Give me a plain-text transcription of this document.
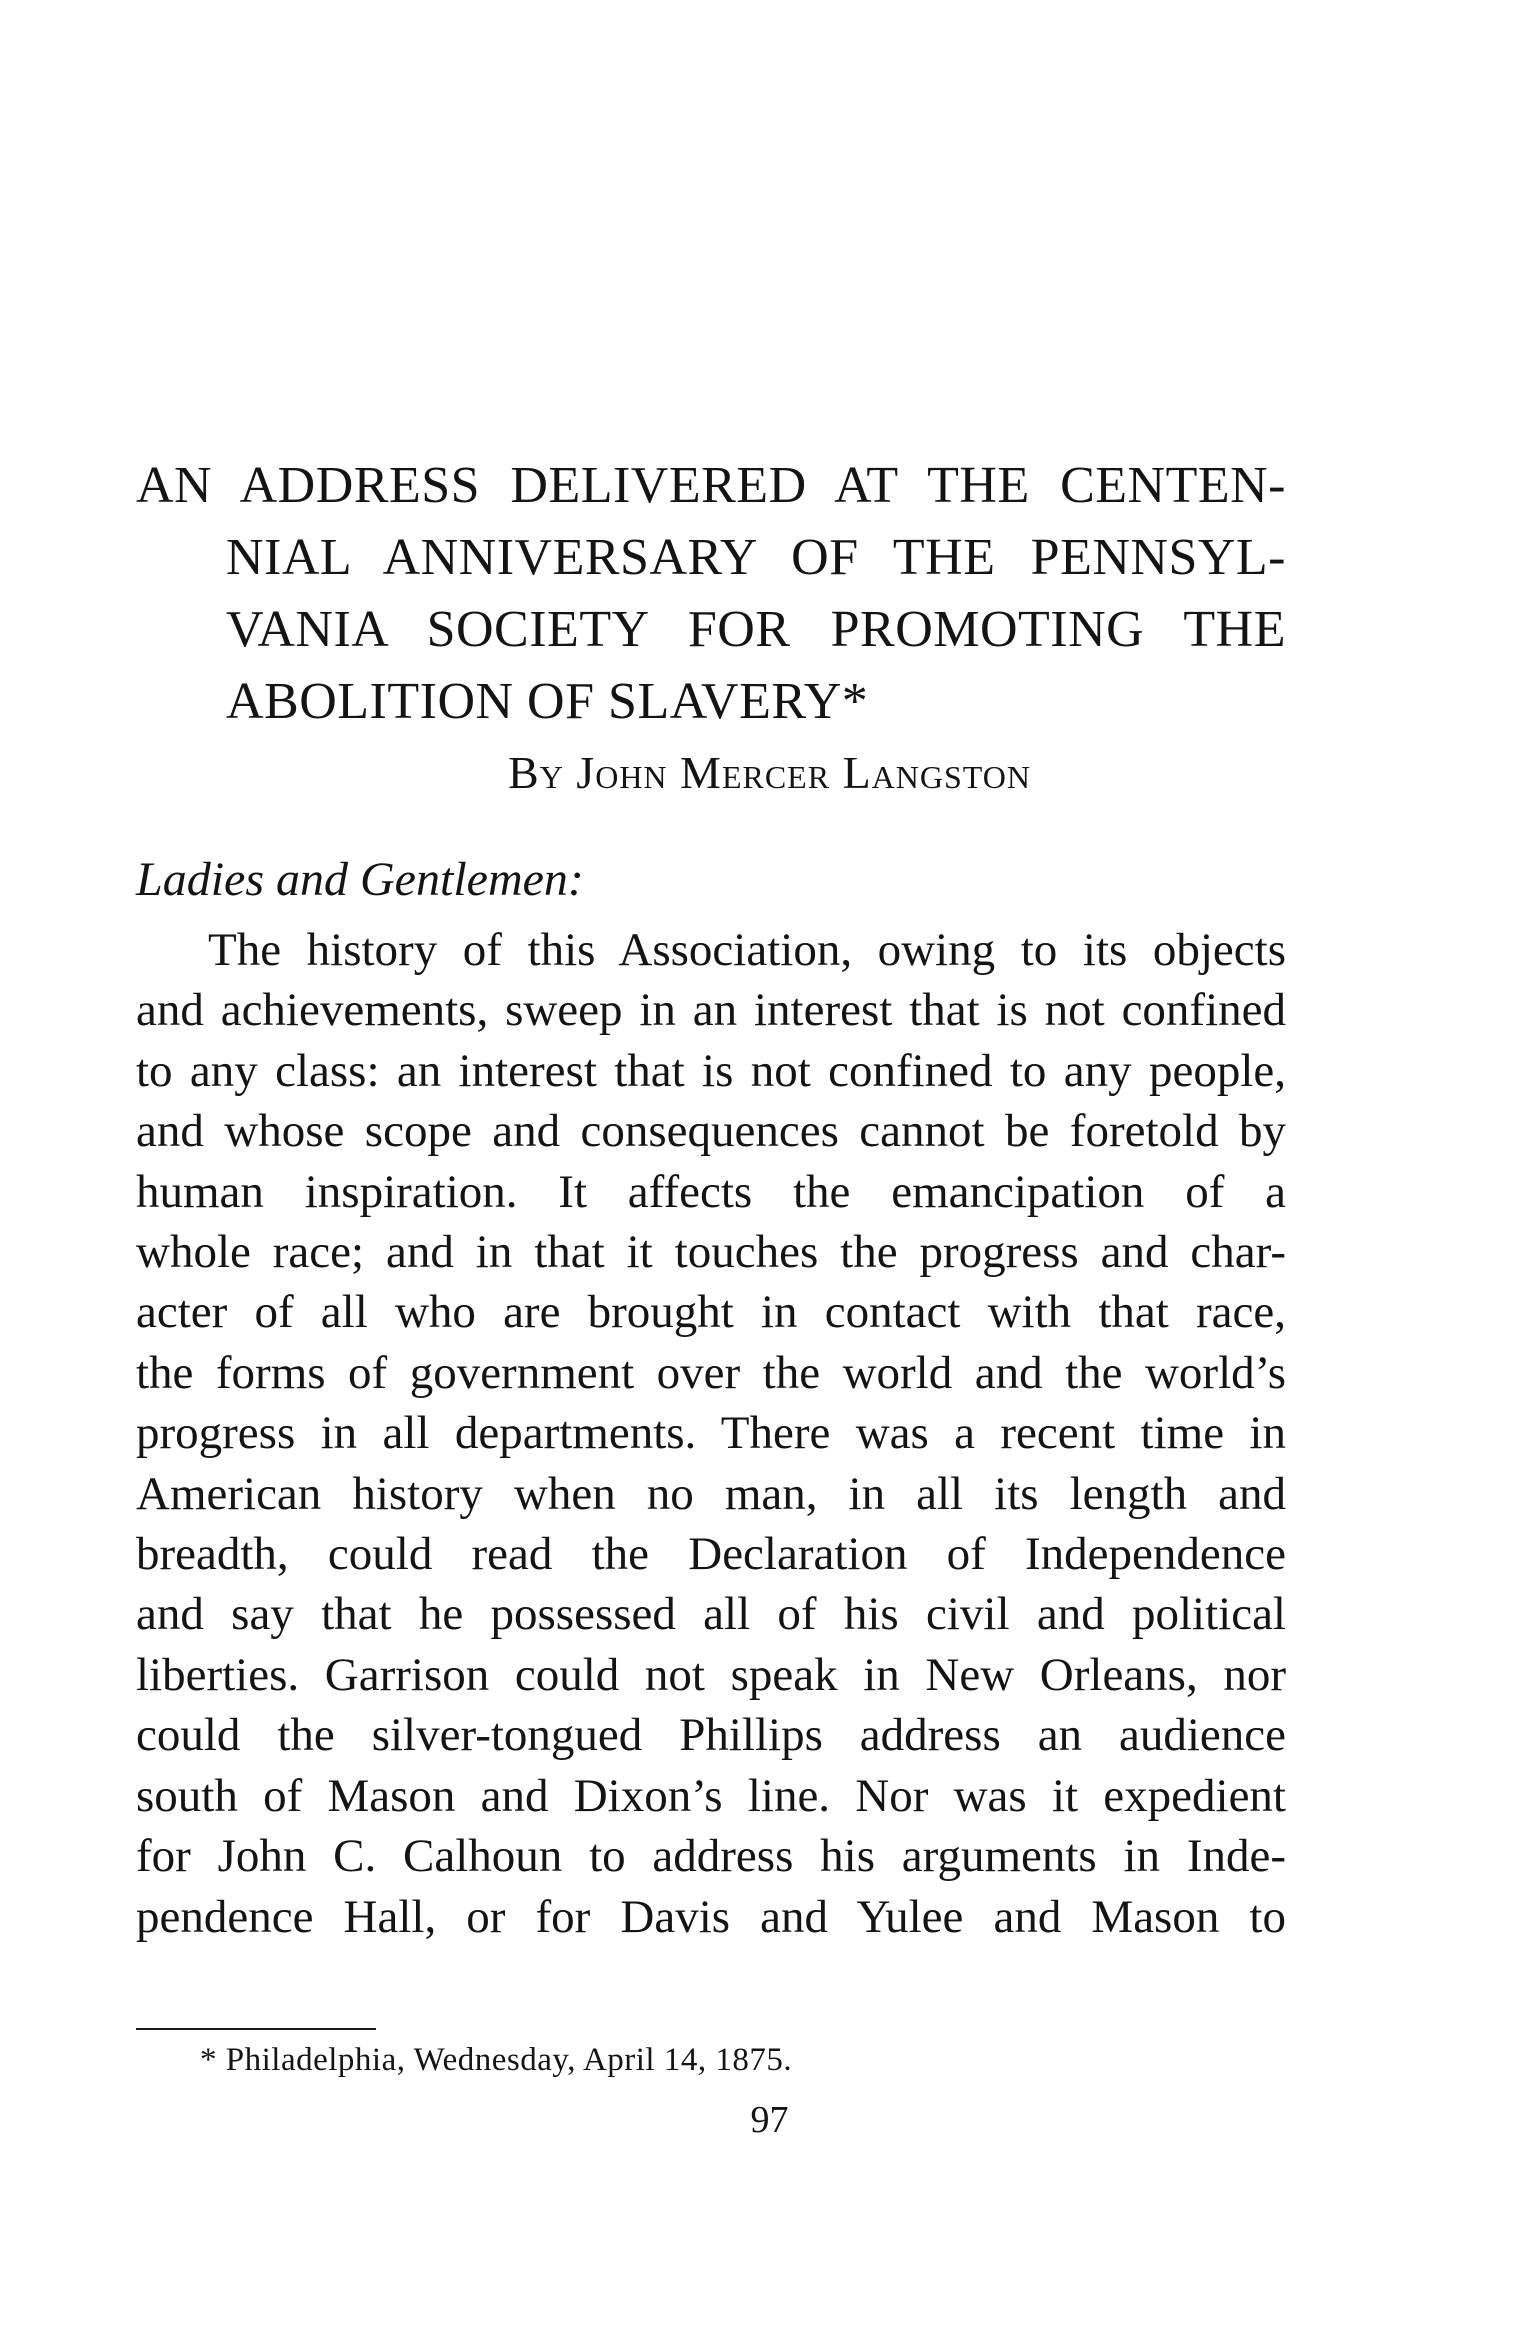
AN ADDRESS DELIVERED AT THE CENTEN-
NIAL ANNIVERSARY OF THE PENNSYL-
VANIA SOCIETY FOR PROMOTING THE
ABOLITION OF SLAVERY*
By John Mercer Langston
Ladies and Gentlemen:
The history of this Association, owing to its objects
and achievements, sweep in an interest that is not confined
to any class: an interest that is not confined to any people,
and whose scope and consequences cannot be foretold by
human inspiration. It affects the emancipation of a
whole race; and in that it touches the progress and char-
acter of all who are brought in contact with that race,
the forms of government over the world and the world’s
progress in all departments. There was a recent time in
American history when no man, in all its length and
breadth, could read the Declaration of Independence
and say that he possessed all of his civil and political
liberties. Garrison could not speak in New Orleans, nor
could the silver-tongued Phillips address an audience
south of Mason and Dixon’s line. Nor was it expedient
for John C. Calhoun to address his arguments in Inde-
pendence Hall, or for Davis and Yulee and Mason to
* Philadelphia, Wednesday, April 14, 1875.
97
